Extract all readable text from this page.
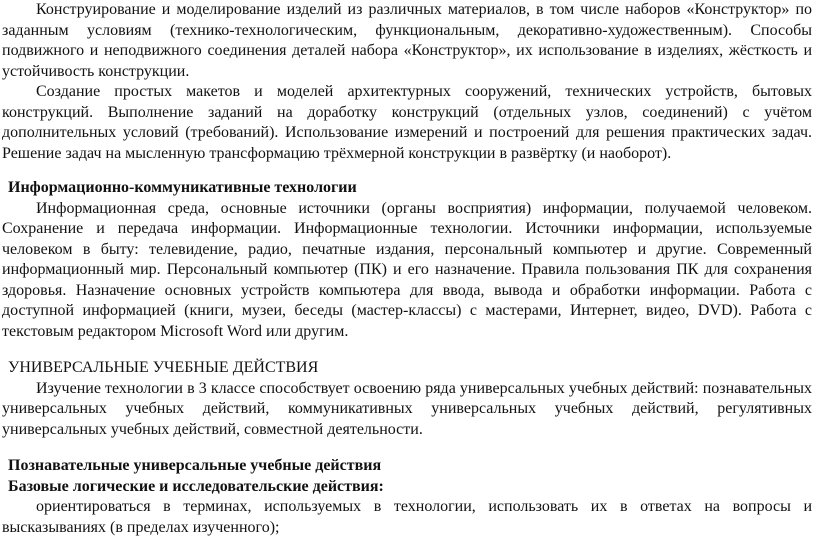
Конструирование и моделирование изделий из различных материалов, в том числе наборов «Конструктор» по заданным условиям (технико-технологическим, функциональным, декоративно-художественным). Способы подвижного и неподвижного соединения деталей набора «Конструктор», их использование в изделиях, жёсткость и устойчивость конструкции.

Создание простых макетов и моделей архитектурных сооружений, технических устройств, бытовых конструкций. Выполнение заданий на доработку конструкций (отдельных узлов, соединений) с учётом дополнительных условий (требований). Использование измерений и построений для решения практических задач. Решение задач на мысленную трансформацию трёхмерной конструкции в развёртку (и наоборот).

Информационно-коммуникативные технологии

Информационная среда, основные источники (органы восприятия) информации, получаемой человеком. Сохранение и передача информации. Информационные технологии. Источники информации, используемые человеком в быту: телевидение, радио, печатные издания, персональный компьютер и другие. Современный информационный мир. Персональный компьютер (ПК) и его назначение. Правила пользования ПК для сохранения здоровья. Назначение основных устройств компьютера для ввода, вывода и обработки информации. Работа с доступной информацией (книги, музеи, беседы (мастер-классы) с мастерами, Интернет, видео, DVD). Работа с текстовым редактором Microsoft Word или другим.

УНИВЕРСАЛЬНЫЕ УЧЕБНЫЕ ДЕЙСТВИЯ

Изучение технологии в 3 классе способствует освоению ряда универсальных учебных действий: познавательных универсальных учебных действий, коммуникативных универсальных учебных действий, регулятивных универсальных учебных действий, совместной деятельности.

Познавательные универсальные учебные действия

Базовые логические и исследовательские действия:

ориентироваться в терминах, используемых в технологии, использовать их в ответах на вопросы и высказываниях (в пределах изученного);
